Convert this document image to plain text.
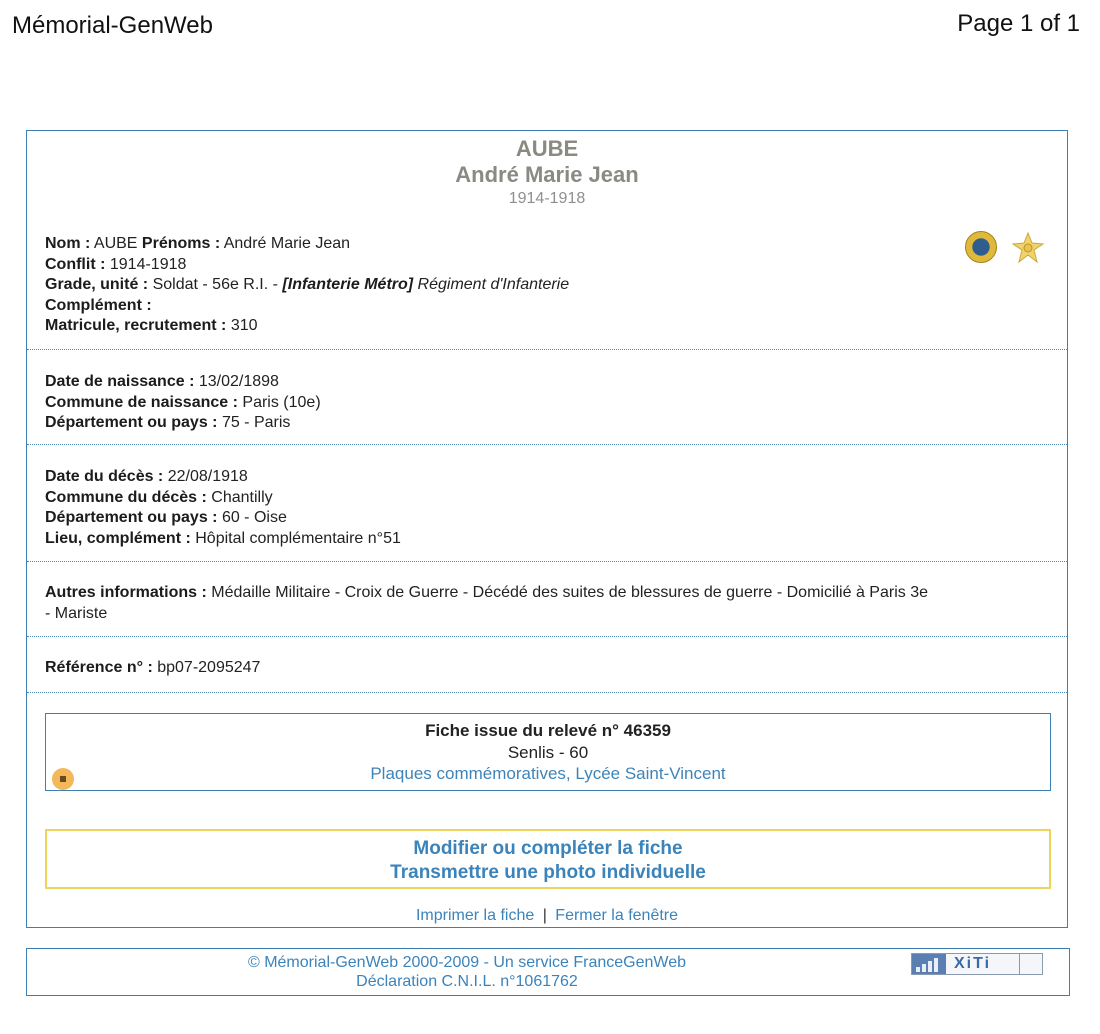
Mémorial-GenWeb	Page 1 of 1
AUBE
André Marie Jean
1914-1918
Nom : AUBE Prénoms : André Marie Jean
Conflit : 1914-1918
Grade, unité : Soldat - 56e R.I. - [Infanterie Métro] Régiment d'Infanterie
Complément :
Matricule, recrutement : 310
Date de naissance : 13/02/1898
Commune de naissance : Paris (10e)
Département ou pays : 75 - Paris
Date du décès : 22/08/1918
Commune du décès : Chantilly
Département ou pays : 60 - Oise
Lieu, complément : Hôpital complémentaire n°51
Autres informations : Médaille Militaire - Croix de Guerre - Décédé des suites de blessures de guerre - Domicilié à Paris 3e
- Mariste
Référence n° : bp07-2095247
Fiche issue du relevé n° 46359
Senlis - 60
Plaques commémoratives, Lycée Saint-Vincent
Modifier ou compléter la fiche
Transmettre une photo individuelle
Imprimer la fiche | Fermer la fenêtre
© Mémorial-GenWeb 2000-2009 - Un service FranceGenWeb
Déclaration C.N.I.L. n°1061762
XiTi
